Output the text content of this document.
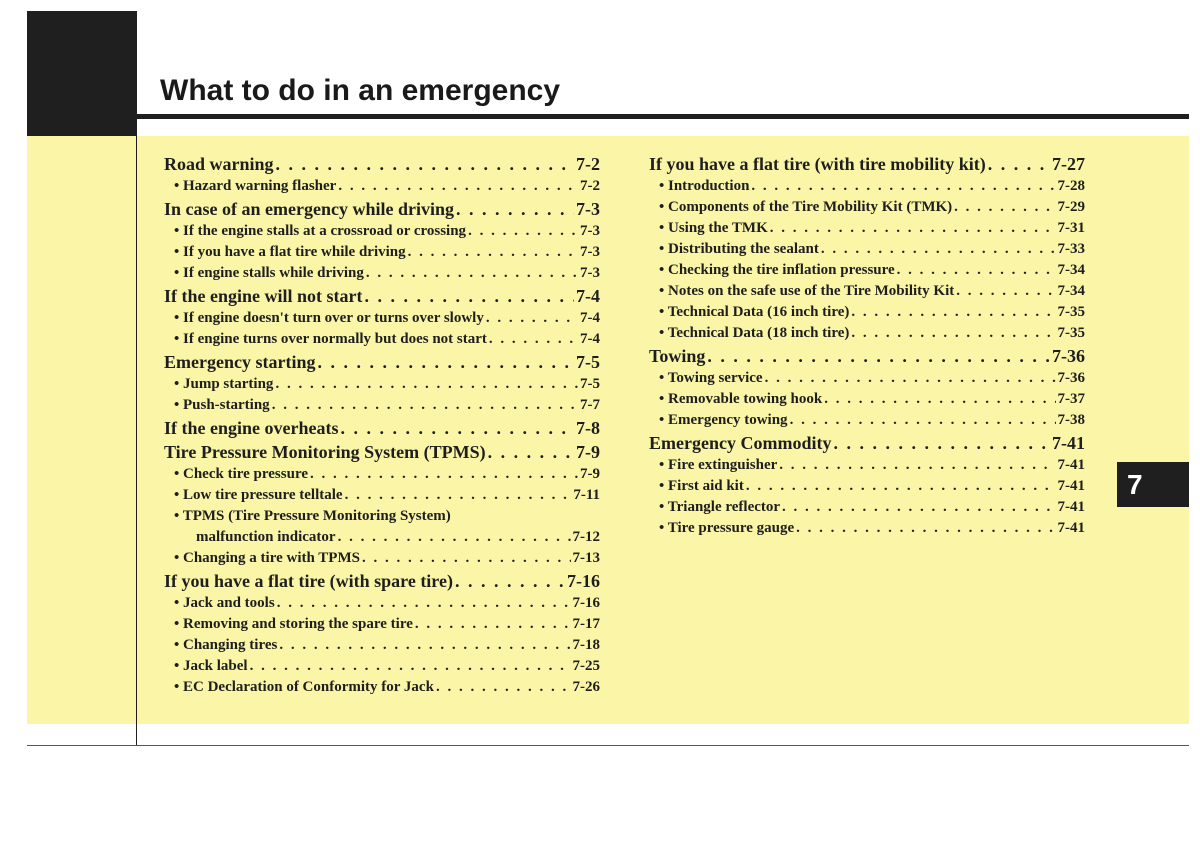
What to do in an emergency
7
Road warning . . .	7-2
• Hazard warning flasher . . .	7-2
In case of an emergency while driving . . .	7-3
• If the engine stalls at a crossroad or crossing . . .	7-3
• If you have a flat tire while driving . . .	7-3
• If engine stalls while driving . . .	7-3
If the engine will not start . . .	7-4
• If engine doesn't turn over or turns over slowly . . .	7-4
• If engine turns over normally but does not start . . .	7-4
Emergency starting . . .	7-5
• Jump starting . . .	7-5
• Push-starting . . .	7-7
If the engine overheats . . .	7-8
Tire Pressure Monitoring System (TPMS) . . .	7-9
• Check tire pressure . . .	7-9
• Low tire pressure telltale . . .	7-11
• TPMS (Tire Pressure Monitoring System)
malfunction indicator . . .	7-12
• Changing a tire with TPMS . . .	7-13
If you have a flat tire (with spare tire) . . .	7-16
• Jack and tools . . .	7-16
• Removing and storing the spare tire . . .	7-17
• Changing tires . . .	7-18
• Jack label . . .	7-25
• EC Declaration of Conformity for Jack . . .	7-26
If you have a flat tire (with tire mobility kit) . . .	7-27
• Introduction . . .	7-28
• Components of the Tire Mobility Kit (TMK) . . .	7-29
• Using the TMK . . .	7-31
• Distributing the sealant . . .	7-33
• Checking the tire inflation pressure . . .	7-34
• Notes on the safe use of the Tire Mobility Kit . . .	7-34
• Technical Data (16 inch tire) . . .	7-35
• Technical Data (18 inch tire) . . .	7-35
Towing . . .	7-36
• Towing service . . .	7-36
• Removable towing hook . . .	7-37
• Emergency towing . . .	7-38
Emergency Commodity . . .	7-41
• Fire extinguisher . . .	7-41
• First aid kit . . .	7-41
• Triangle reflector . . .	7-41
• Tire pressure gauge . . .	7-41
